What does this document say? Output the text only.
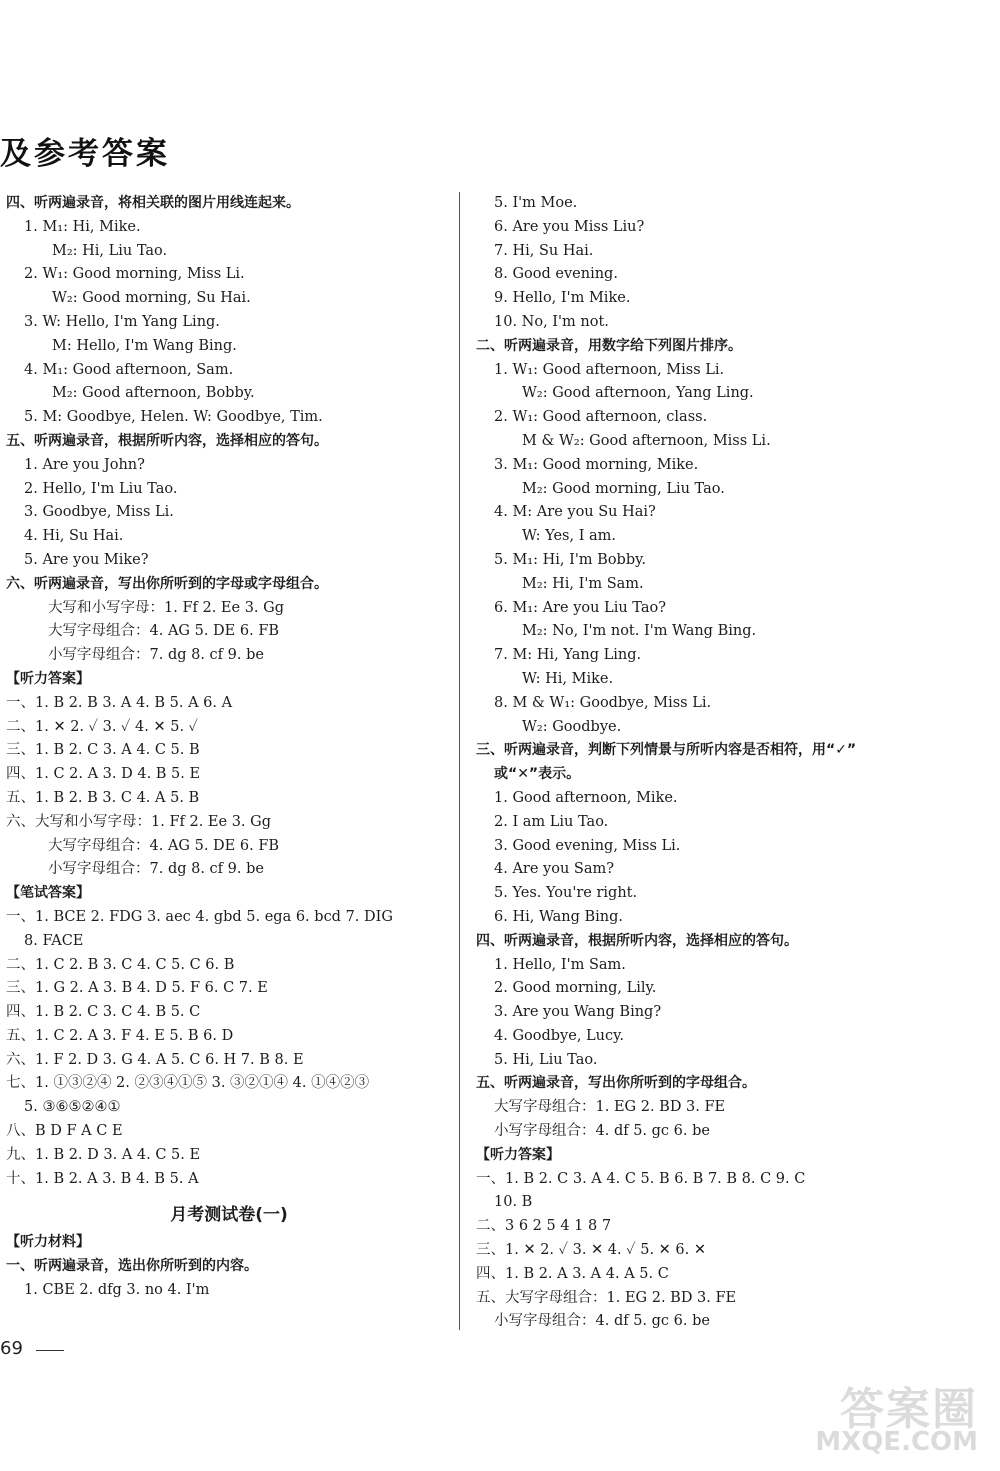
及参考答案
四、听两遍录音，将相关联的图片用线连起来。
1. M₁: Hi, Mike.
M₂: Hi, Liu Tao.
2. W₁: Good morning, Miss Li.
W₂: Good morning, Su Hai.
3. W: Hello, I'm Yang Ling.
M: Hello, I'm Wang Bing.
4. M₁: Good afternoon, Sam.
M₂: Good afternoon, Bobby.
5. M: Goodbye, Helen. W: Goodbye, Tim.
五、听两遍录音，根据所听内容，选择相应的答句。
1. Are you John?
2. Hello, I'm Liu Tao.
3. Goodbye, Miss Li.
4. Hi, Su Hai.
5. Are you Mike?
六、听两遍录音，写出你所听到的字母或字母组合。
大写和小写字母：1. Ff 2. Ee 3. Gg
大写字母组合：4. AG 5. DE 6. FB
小写字母组合：7. dg 8. cf 9. be
【听力答案】
一、1. B 2. B 3. A 4. B 5. A 6. A
二、1. ✕ 2. ✓ 3. ✓ 4. ✕ 5. ✓
三、1. B 2. C 3. A 4. C 5. B
四、1. C 2. A 3. D 4. B 5. E
五、1. B 2. B 3. C 4. A 5. B
六、大写和小写字母：1. Ff 2. Ee 3. Gg
大写字母组合：4. AG 5. DE 6. FB
小写字母组合：7. dg 8. cf 9. be
【笔试答案】
一、1. BCE 2. FDG 3. aec 4. gbd 5. ega 6. bcd 7. DIG
8. FACE
二、1. C 2. B 3. C 4. C 5. C 6. B
三、1. G 2. A 3. B 4. D 5. F 6. C 7. E
四、1. B 2. C 3. C 4. B 5. C
五、1. C 2. A 3. F 4. E 5. B 6. D
六、1. F 2. D 3. G 4. A 5. C 6. H 7. B 8. E
七、1. ①③②④ 2. ②③④①⑤ 3. ③②①④ 4. ①④②③
5. ③⑥⑤②④①
八、B D F A C E
九、1. B 2. D 3. A 4. C 5. E
十、1. B 2. A 3. B 4. B 5. A
月考测试卷(一)
【听力材料】
一、听两遍录音，选出你所听到的内容。
1. CBE 2. dfg 3. no 4. I'm
5. I'm Moe.
6. Are you Miss Liu?
7. Hi, Su Hai.
8. Good evening.
9. Hello, I'm Mike.
10. No, I'm not.
二、听两遍录音，用数字给下列图片排序。
1. W₁: Good afternoon, Miss Li.
W₂: Good afternoon, Yang Ling.
2. W₁: Good afternoon, class.
M & W₂: Good afternoon, Miss Li.
3. M₁: Good morning, Mike.
M₂: Good morning, Liu Tao.
4. M: Are you Su Hai?
W: Yes, I am.
5. M₁: Hi, I'm Bobby.
M₂: Hi, I'm Sam.
6. M₁: Are you Liu Tao?
M₂: No, I'm not. I'm Wang Bing.
7. M: Hi, Yang Ling.
W: Hi, Mike.
8. M & W₁: Goodbye, Miss Li.
W₂: Goodbye.
三、听两遍录音，判断下列情景与所听内容是否相符，用“✓”
或“✕”表示。
1. Good afternoon, Mike.
2. I am Liu Tao.
3. Good evening, Miss Li.
4. Are you Sam?
5. Yes. You're right.
6. Hi, Wang Bing.
四、听两遍录音，根据所听内容，选择相应的答句。
1. Hello, I'm Sam.
2. Good morning, Lily.
3. Are you Wang Bing?
4. Goodbye, Lucy.
5. Hi, Liu Tao.
五、听两遍录音，写出你所听到的字母组合。
大写字母组合：1. EG 2. BD 3. FE
小写字母组合：4. df 5. gc 6. be
【听力答案】
一、1. B 2. C 3. A 4. C 5. B 6. B 7. B 8. C 9. C
10. B
二、3 6 2 5 4 1 8 7
三、1. ✕ 2. ✓ 3. ✕ 4. ✓ 5. ✕ 6. ✕
四、1. B 2. A 3. A 4. A 5. C
五、大写字母组合：1. EG 2. BD 3. FE
小写字母组合：4. df 5. gc 6. be
69
答案圈
MXQE.COM
